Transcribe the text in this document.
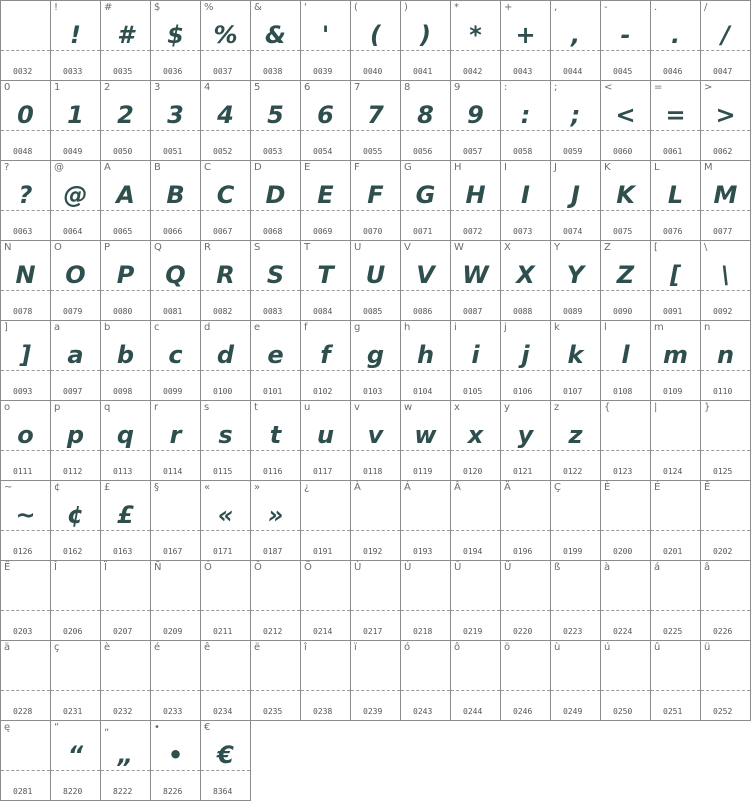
0032
!
!
0033
#
#
0035
$
$
0036
%
%
0037
&
&
0038
'
'
0039
(
(
0040
)
)
0041
*
*
0042
+
+
0043
,
,
0044
-
-
0045
.
.
0046
/
/
0047
0
0
0048
1
1
0049
2
2
0050
3
3
0051
4
4
0052
5
5
0053
6
6
0054
7
7
0055
8
8
0056
9
9
0057
:
:
0058
;
;
0059
<
<
0060
=
=
0061
>
>
0062
?
?
0063
@
@
0064
A
A
0065
B
B
0066
C
C
0067
D
D
0068
E
E
0069
F
F
0070
G
G
0071
H
H
0072
I
I
0073
J
J
0074
K
K
0075
L
L
0076
M
M
0077
N
N
0078
O
O
0079
P
P
0080
Q
Q
0081
R
R
0082
S
S
0083
T
T
0084
U
U
0085
V
V
0086
W
W
0087
X
X
0088
Y
Y
0089
Z
Z
0090
[
[
0091
\
\
0092
]
]
0093
a
a
0097
b
b
0098
c
c
0099
d
d
0100
e
e
0101
f
f
0102
g
g
0103
h
h
0104
i
i
0105
j
j
0106
k
k
0107
l
l
0108
m
m
0109
n
n
0110
o
o
0111
p
p
0112
q
q
0113
r
r
0114
s
s
0115
t
t
0116
u
u
0117
v
v
0118
w
w
0119
x
x
0120
y
y
0121
z
z
0122
{
0123
|
0124
}
0125
~
~
0126
¢
¢
0162
£
£
0163
§
0167
«
«
0171
»
»
0187
¿
0191
À
0192
Á
0193
Â
0194
Ä
0196
Ç
0199
È
0200
É
0201
Ê
0202
Ë
0203
Î
0206
Ï
0207
Ñ
0209
Ó
0211
Ô
0212
Ö
0214
Ù
0217
Ú
0218
Û
0219
Ü
0220
ß
0223
à
0224
á
0225
â
0226
ä
0228
ç
0231
è
0232
é
0233
ê
0234
ë
0235
î
0238
ï
0239
ó
0243
ô
0244
ö
0246
ù
0249
ú
0250
û
0251
ü
0252
ę
0281
“
“
8220
„
„
8222
•
•
8226
€
€
8364
